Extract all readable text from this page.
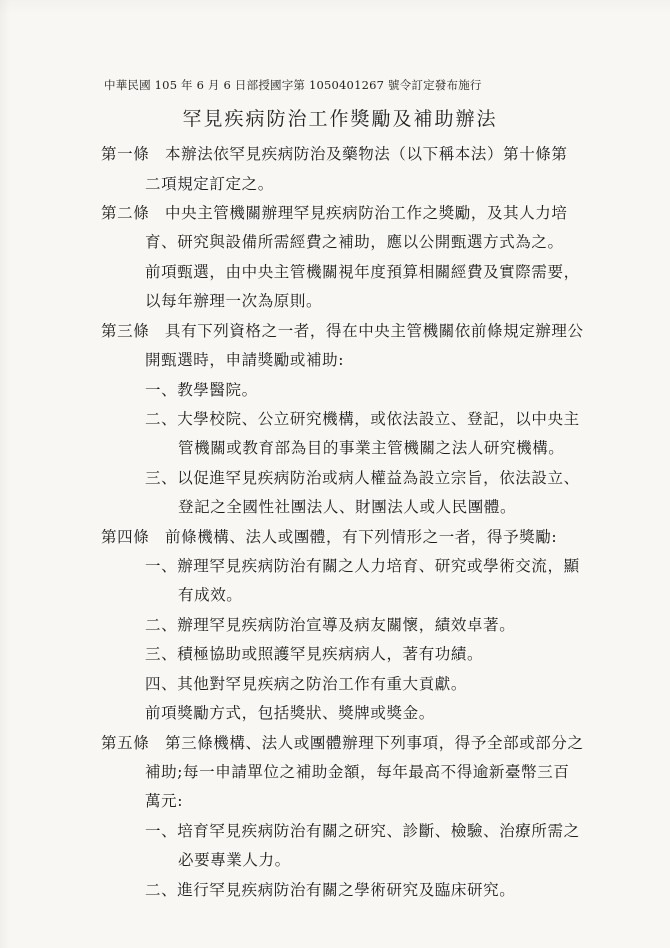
中華民國 105 年 6 月 6 日部授國字第 1050401267 號令訂定發布施行
罕見疾病防治工作獎勵及補助辦法
第一條 本辦法依罕見疾病防治及藥物法（以下稱本法）第十條第
二項規定訂定之。
第二條 中央主管機關辦理罕見疾病防治工作之獎勵，及其人力培
育、研究與設備所需經費之補助，應以公開甄選方式為之。
前項甄選，由中央主管機關視年度預算相關經費及實際需要，
以每年辦理一次為原則。
第三條 具有下列資格之一者，得在中央主管機關依前條規定辦理公
開甄選時，申請獎勵或補助:
一、教學醫院。
二、大學校院、公立研究機構，或依法設立、登記，以中央主
管機關或教育部為目的事業主管機關之法人研究機構。
三、以促進罕見疾病防治或病人權益為設立宗旨，依法設立、
登記之全國性社團法人、財團法人或人民團體。
第四條 前條機構、法人或團體，有下列情形之一者，得予獎勵:
一、辦理罕見疾病防治有關之人力培育、研究或學術交流，顯
有成效。
二、辦理罕見疾病防治宣導及病友關懷，績效卓著。
三、積極協助或照護罕見疾病病人，著有功績。
四、其他對罕見疾病之防治工作有重大貢獻。
前項獎勵方式，包括獎狀、獎牌或獎金。
第五條 第三條機構、法人或團體辦理下列事項，得予全部或部分之
補助;每一申請單位之補助金額，每年最高不得逾新臺幣三百
萬元:
一、培育罕見疾病防治有關之研究、診斷、檢驗、治療所需之
必要專業人力。
二、進行罕見疾病防治有關之學術研究及臨床研究。
